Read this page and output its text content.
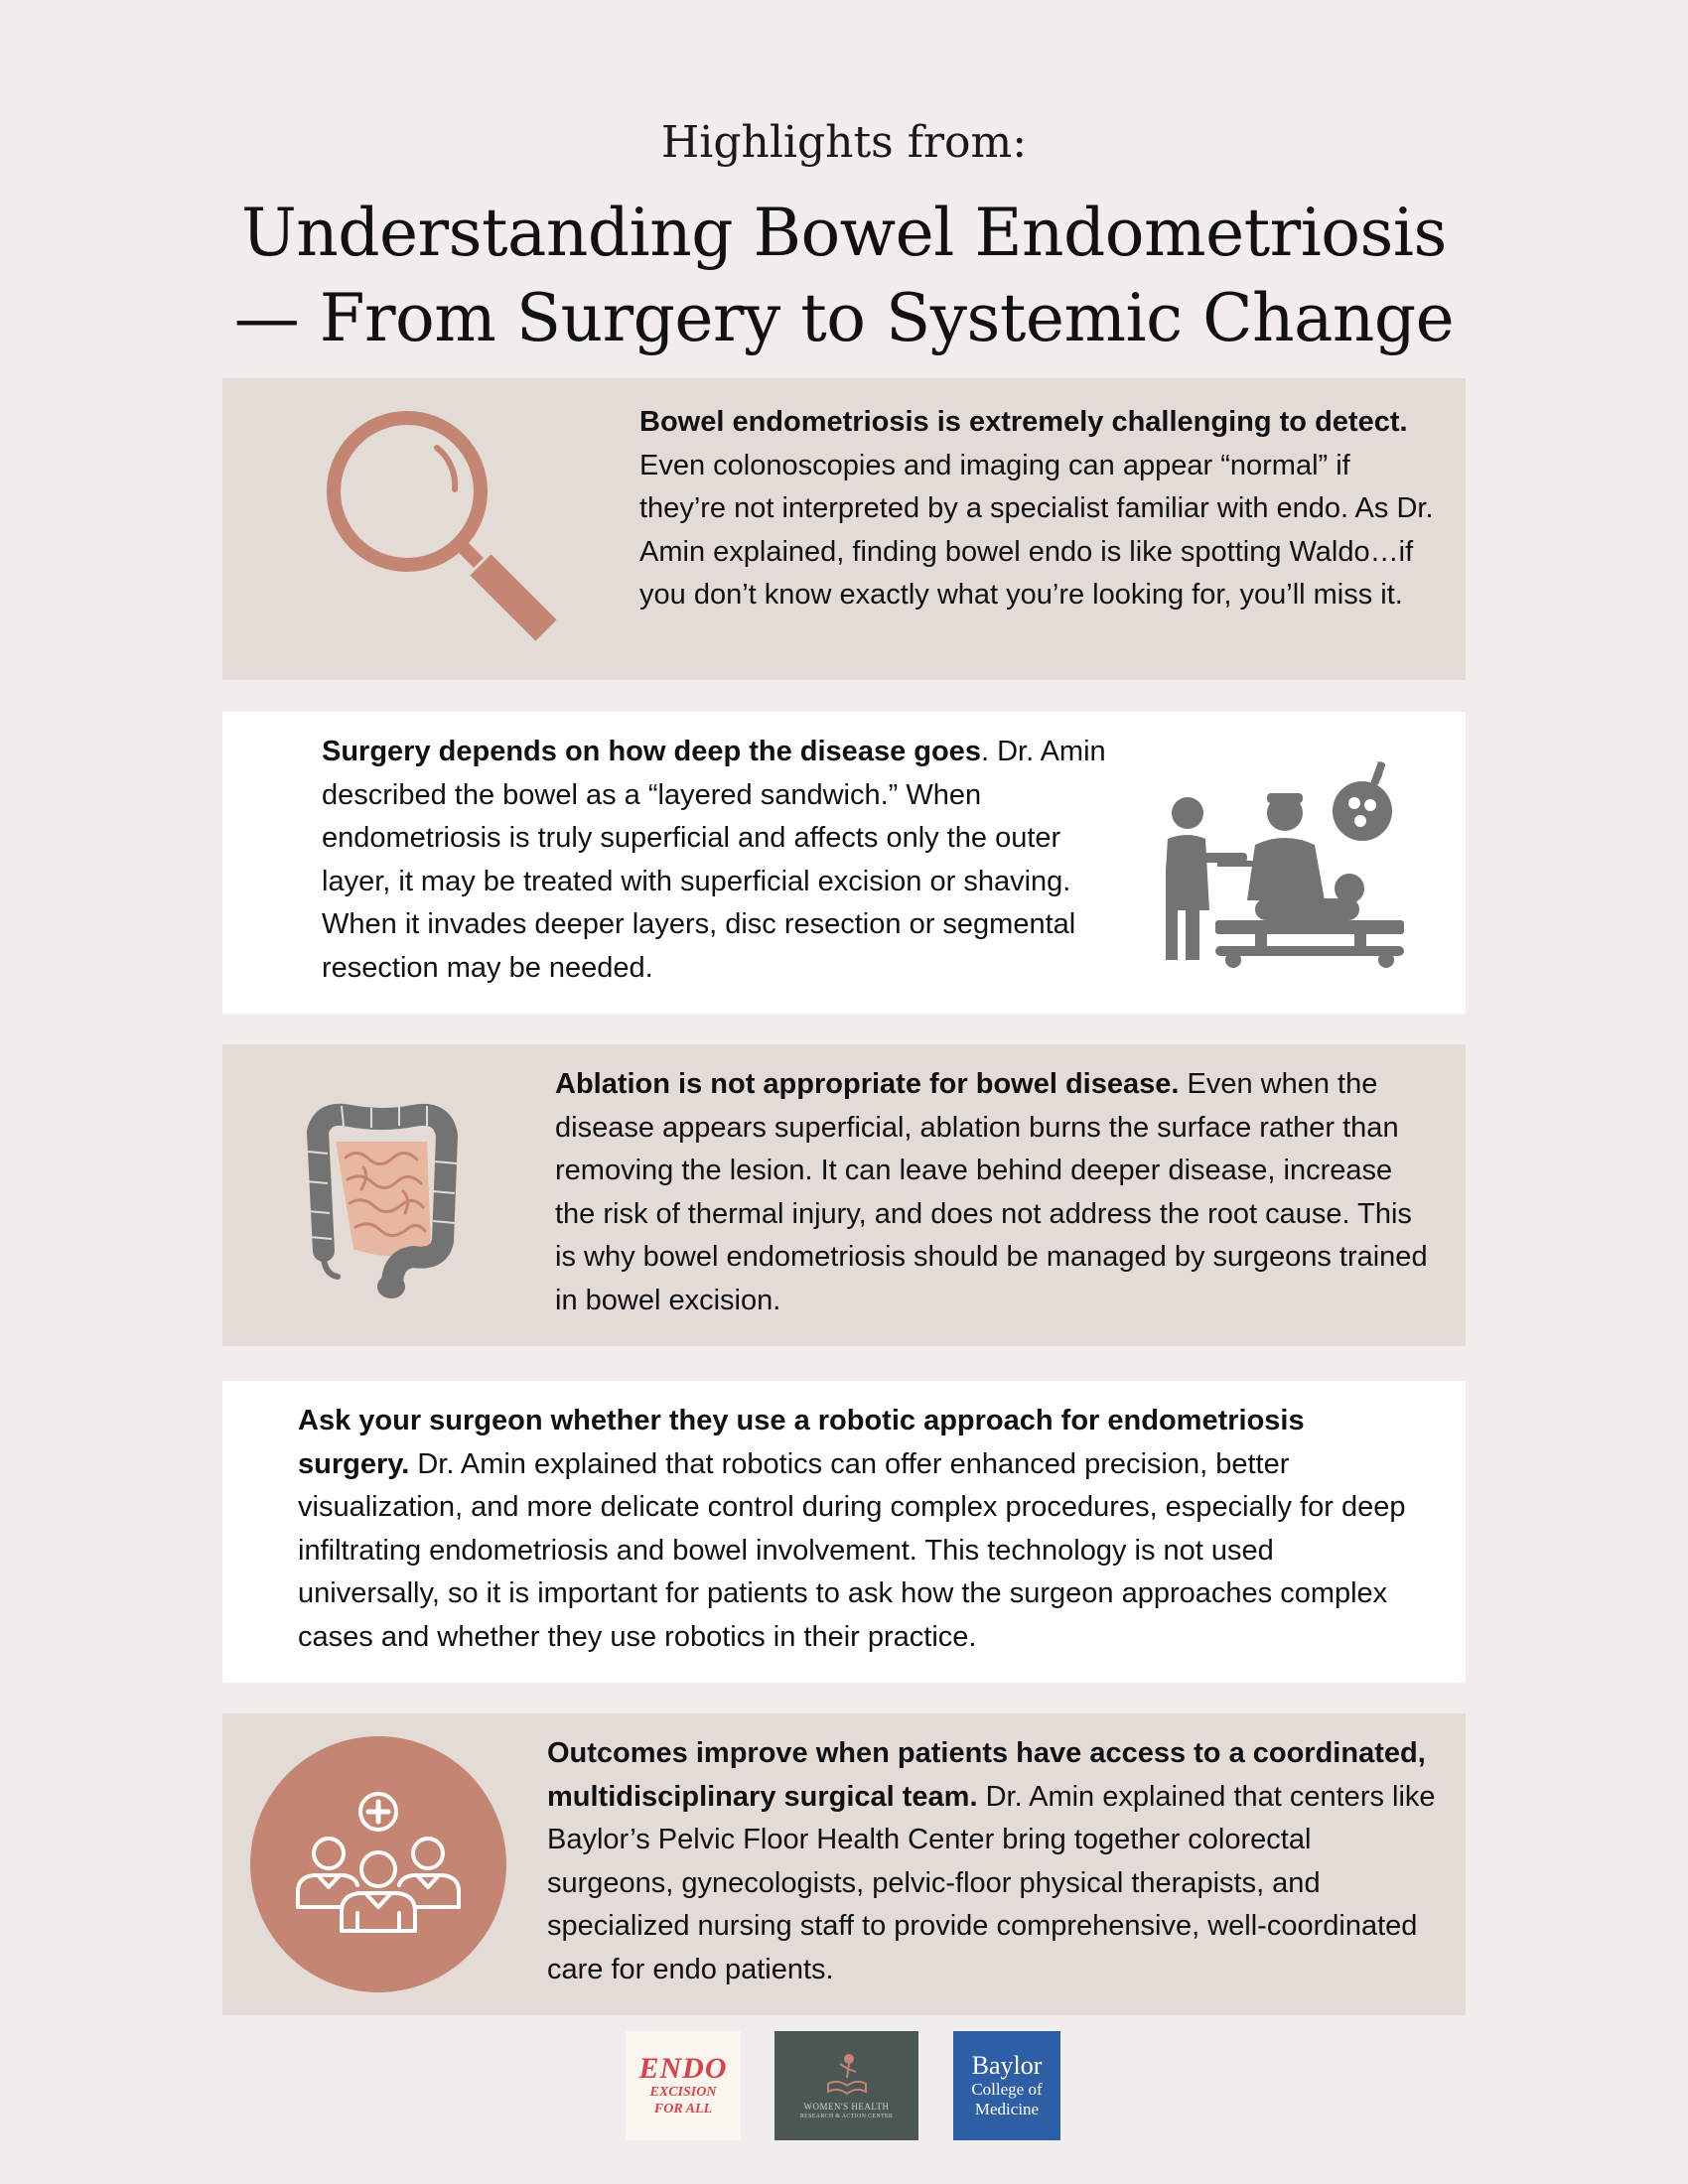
Highlights from:
Understanding Bowel Endometriosis
— From Surgery to Systemic Change
Bowel endometriosis is extremely challenging to detect. Even colonoscopies and imaging can appear “normal” if they’re not interpreted by a specialist familiar with endo. As Dr. Amin explained, finding bowel endo is like spotting Waldo…if you don’t know exactly what you’re looking for, you’ll miss it.
Surgery depends on how deep the disease goes. Dr. Amin described the bowel as a “layered sandwich.” When endometriosis is truly superficial and affects only the outer layer, it may be treated with superficial excision or shaving. When it invades deeper layers, disc resection or segmental resection may be needed.
Ablation is not appropriate for bowel disease. Even when the disease appears superficial, ablation burns the surface rather than removing the lesion. It can leave behind deeper disease, increase the risk of thermal injury, and does not address the root cause. This is why bowel endometriosis should be managed by surgeons trained in bowel excision.
Ask your surgeon whether they use a robotic approach for endometriosis surgery. Dr. Amin explained that robotics can offer enhanced precision, better visualization, and more delicate control during complex procedures, especially for deep infiltrating endometriosis and bowel involvement. This technology is not used universally, so it is important for patients to ask how the surgeon approaches complex cases and whether they use robotics in their practice.
Outcomes improve when patients have access to a coordinated, multidisciplinary surgical team. Dr. Amin explained that centers like Baylor’s Pelvic Floor Health Center bring together colorectal surgeons, gynecologists, pelvic-floor physical therapists, and specialized nursing staff to provide comprehensive, well-coordinated care for endo patients.
ENDO
EXCISION
FOR ALL	WOMEN'S HEALTH
RESEARCH & ACTION CENTER
Baylor
College of
Medicine
